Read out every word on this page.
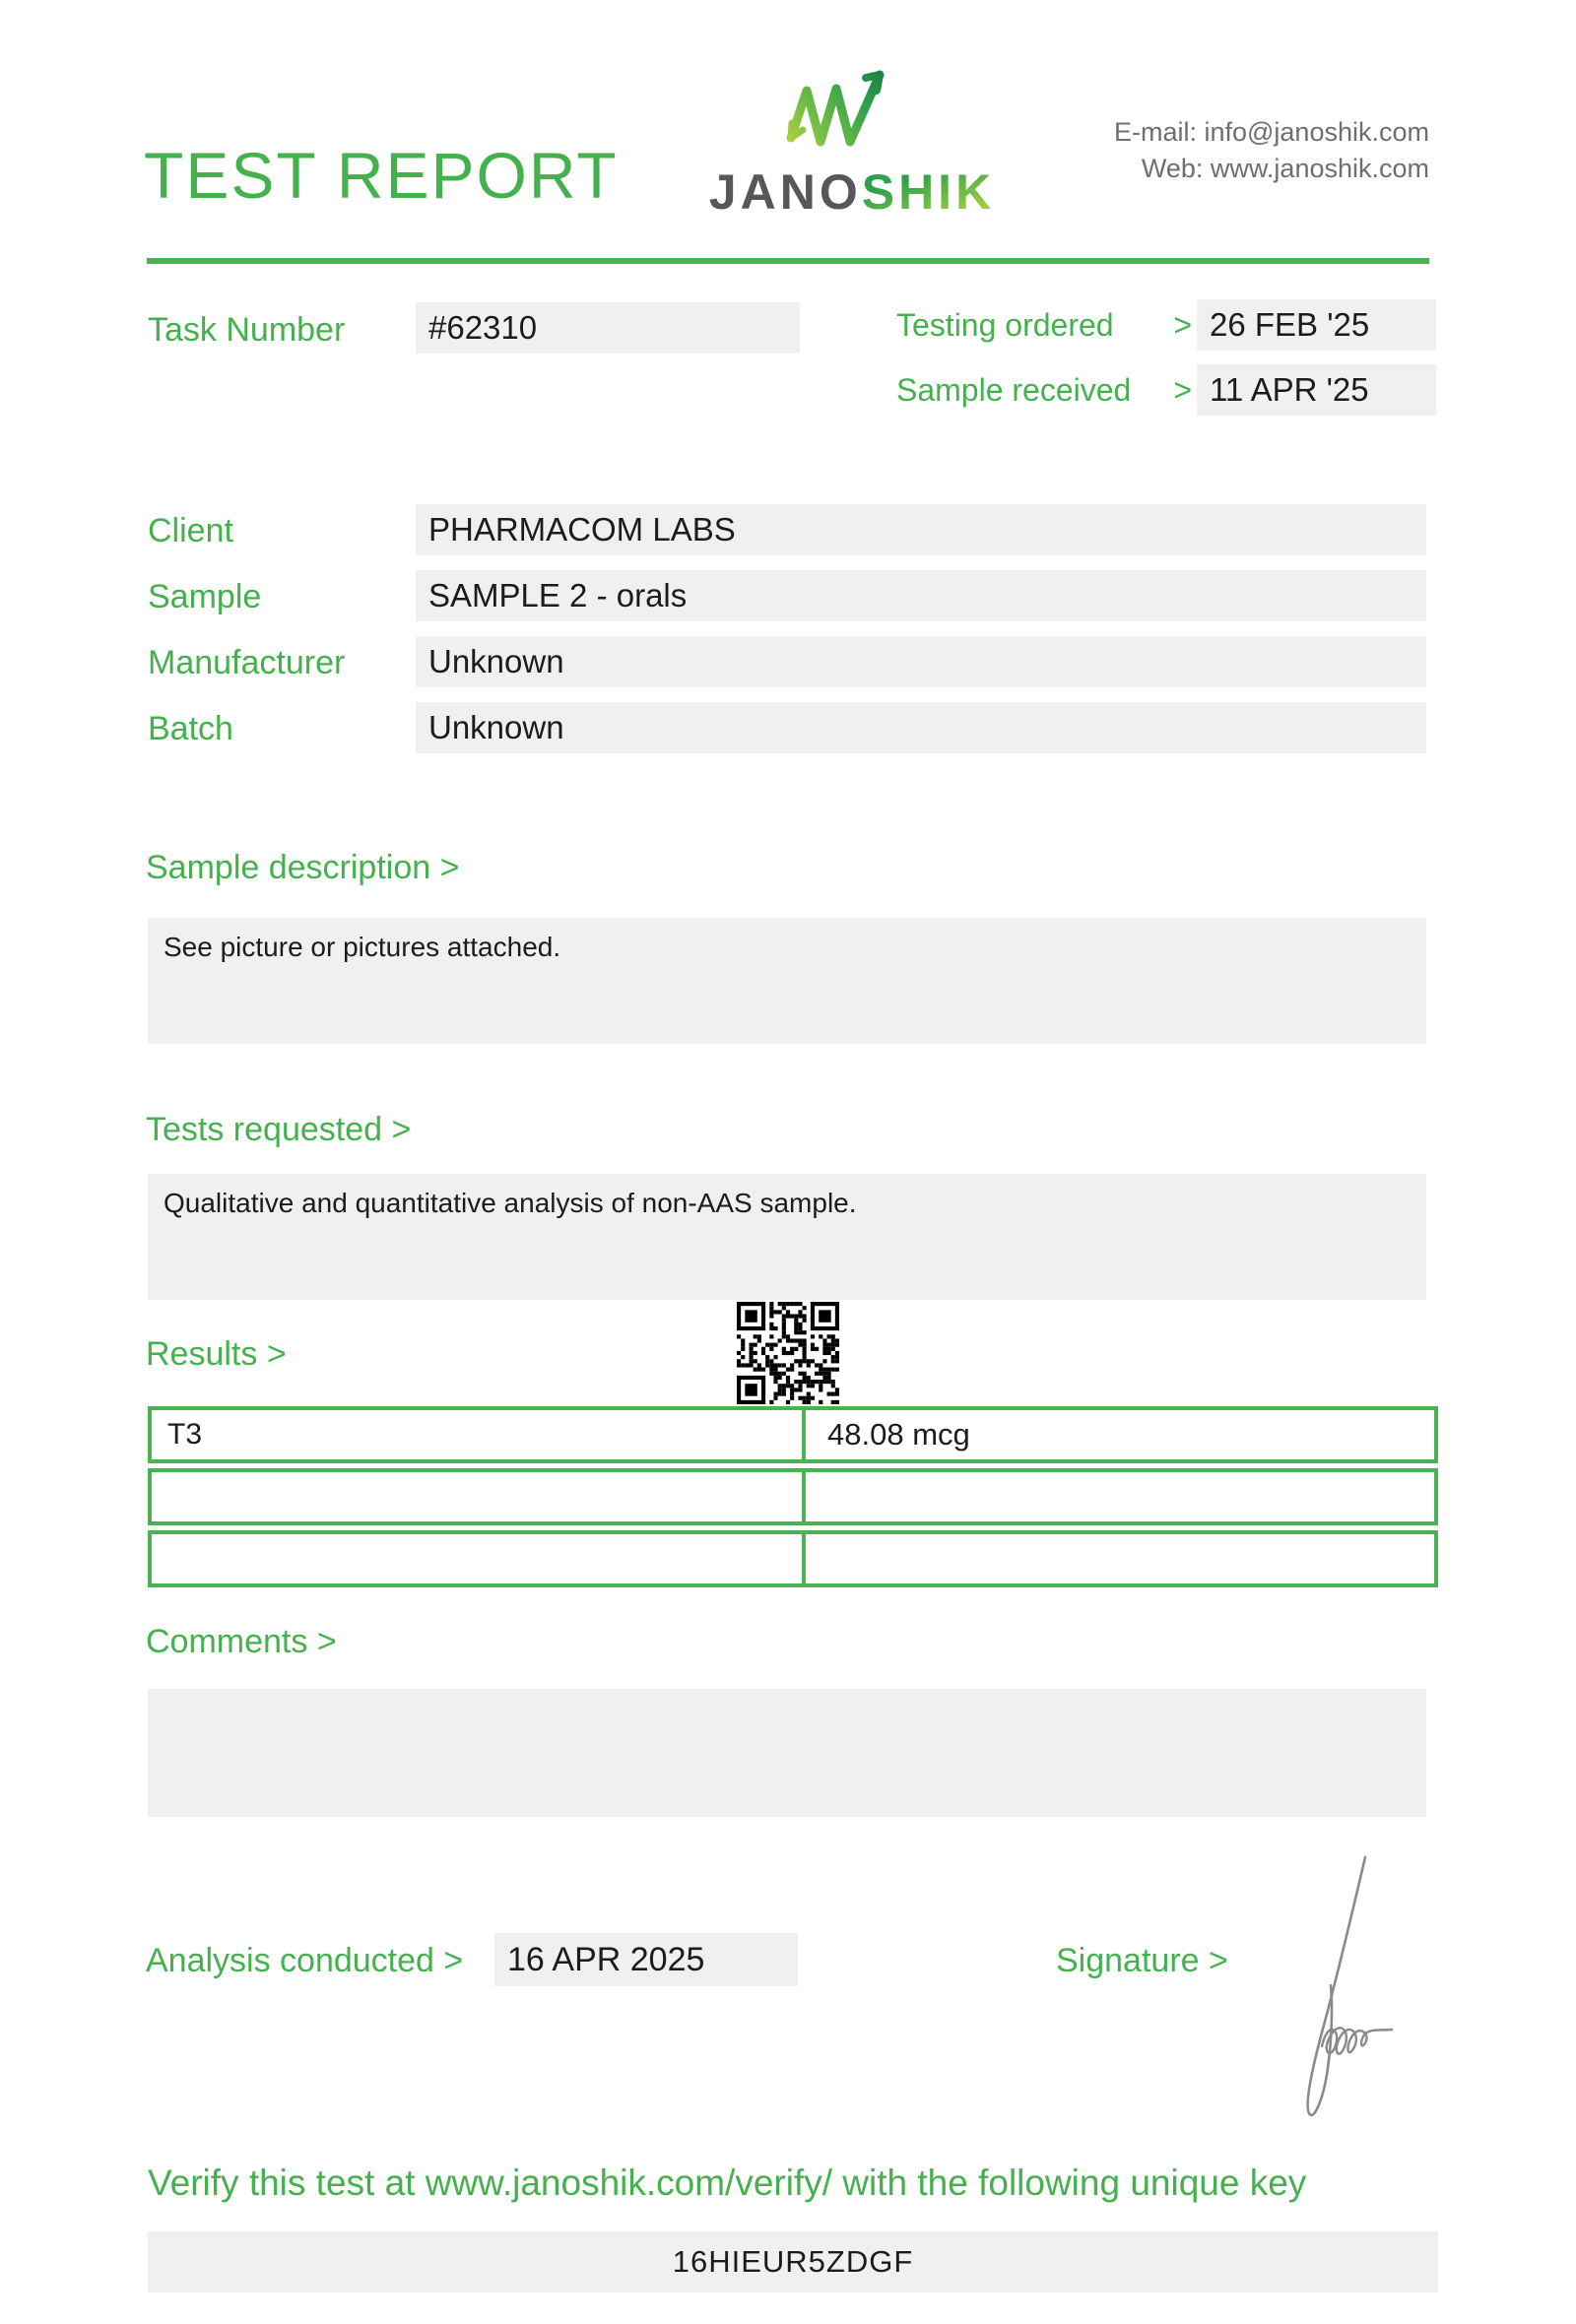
TEST REPORT	JANOSHIK
E-mail: info@janoshik.com
Web: www.janoshik.com
Task Number	#62310	Testing ordered > 26 FEB '25
Sample received > 11 APR '25
Client	PHARMACOM LABS
Sample	SAMPLE 2 - orals
Manufacturer	Unknown
Batch	Unknown
Sample description >
See picture or pictures attached.
Tests requested >
Qualitative and quantitative analysis of non-AAS sample.
Results >
T3	48.08 mcg
Comments >
Analysis conducted >	16 APR 2025	Signature >
Verify this test at www.janoshik.com/verify/ with the following unique key
16HIEUR5ZDGF
